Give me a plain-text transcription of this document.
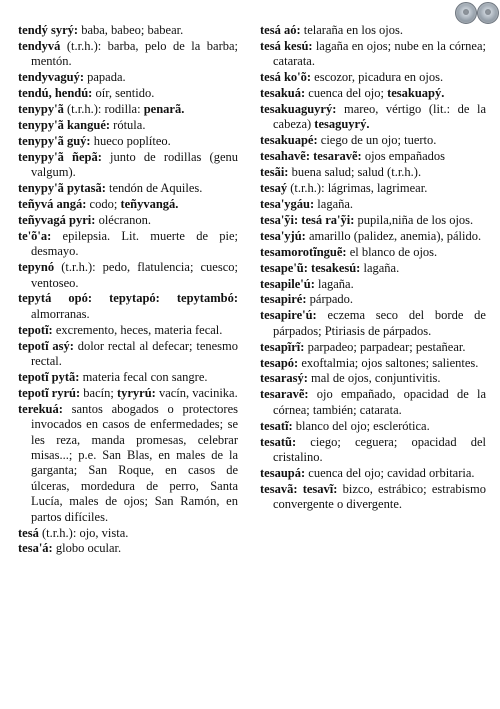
tendý syrý: baba, babeo; babear.
tendyvá (t.r.h.): barba, pelo de la barba; mentón.
tendyvaguý: papada.
tendú, hendú: oír, sentido.
tenypy'ã (t.r.h.): rodilla: penarã.
tenypy'ã kangué: rótula.
tenypy'ã guý: hueco poplíteo.
tenypy'ã ñepã: junto de rodillas (genu valgum).
tenypy'ã pytasã: tendón de Aquiles.
teñyvá angá: codo; teñyvangá.
teñyvagá pyri: olécranon.
te'õ'a: epilepsia. Lit. muerte de pie; desmayo.
tepynó (t.r.h.): pedo, flatulencia; cuesco; ventoseo.
tepytá opó: tepytapó: tepytambó: almorranas.
tepotĩ: excremento, heces, materia fecal.
tepotĩ asý: dolor rectal al defecar; tenesmo rectal.
tepotĩ pytã: materia fecal con sangre.
tepotĩ ryrú: bacín; tyryrú: vacín, vacinika.
terekuá: santos abogados o protectores invocados en casos de enfermedades; se les reza, manda promesas, celebrar misas...; p.e. San Blas, en males de la garganta; San Roque, en casos de úlceras, mordedura de perro, Santa Lucía, males de ojos; San Ramón, en partos difíciles.
tesá (t.r.h.): ojo, vista.
tesa'á: globo ocular.
tesá aó: telaraña en los ojos.
tesá kesú: lagaña en ojos; nube en la córnea; catarata.
tesá ko'õ: escozor, picadura en ojos.
tesakuá: cuenca del ojo; tesakuapý.
tesakuaguyrý: mareo, vértigo (lit.: de la cabeza) tesaguyrý.
tesakuapé: ciego de un ojo; tuerto.
tesahavẽ: tesaravẽ: ojos empañados
tesãi: buena salud; salud (t.r.h.).
tesaý (t.r.h.): lágrimas, lagrimear.
tesa'ygáu: lagaña.
tesa'ỹi: tesá ra'ỹi: pupila,niña de los ojos.
tesa'yjú: amarillo (palidez, anemia), pálido.
tesamorotĩnguẽ: el blanco de ojos.
tesape'ũ: tesakesú: lagaña.
tesapile'ú: lagaña.
tesapiré: párpado.
tesapire'ú: eczema seco del borde de párpados; Ptiriasis de párpados.
tesapĩrĩ: parpadeo; parpadear; pestañear.
tesapó: exoftalmia; ojos saltones; salientes.
tesarasý: mal de ojos, conjuntivitis.
tesaravẽ: ojo empañado, opacidad de la córnea; también; catarata.
tesatĩ: blanco del ojo; esclerótica.
tesatũ: ciego; ceguera; opacidad del cristalino.
tesaupá: cuenca del ojo; cavidad orbitaria.
tesavã: tesavĩ: bizco, estrábico; estrabismo convergente o divergente.
